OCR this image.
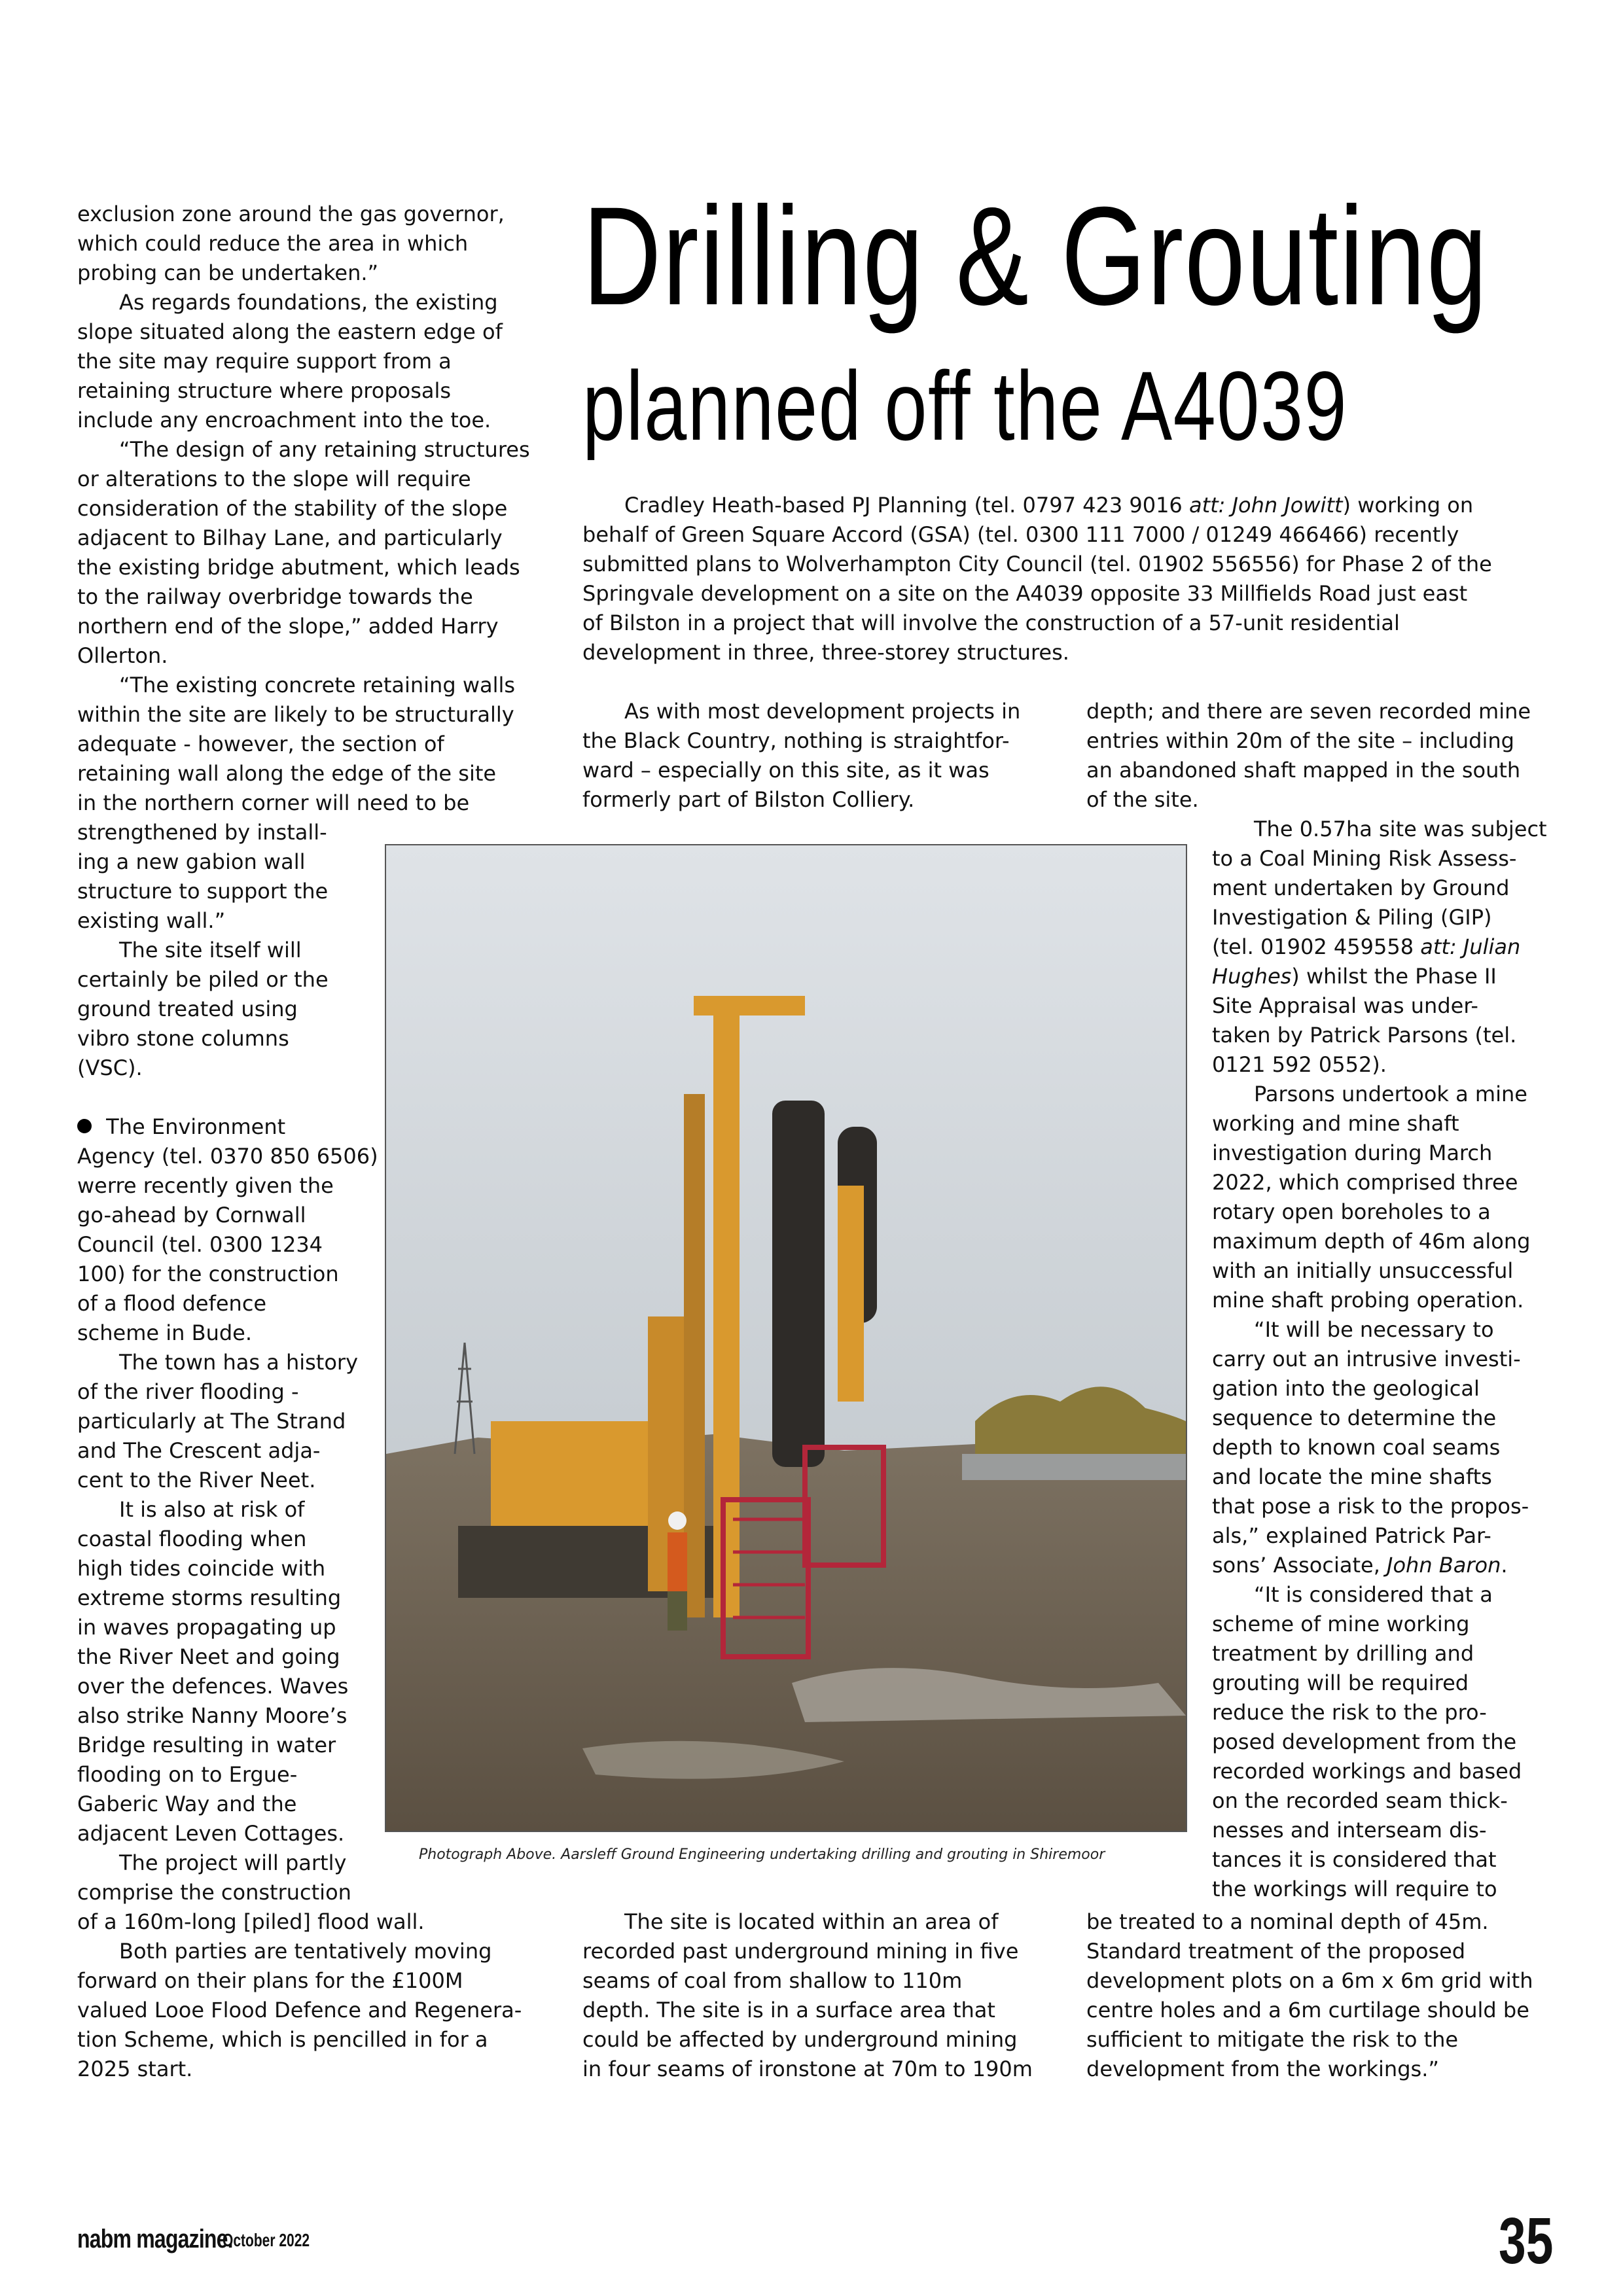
Drilling & Grouting
planned off the A4039
  Cradley Heath-based PJ Planning (tel. 0797 423 9016 att: John Jowitt) working on
behalf of Green Square Accord (GSA) (tel. 0300 111 7000 / 01249 466466) recently
submitted plans to Wolverhampton City Council (tel. 01902 556556) for Phase 2 of the
Springvale development on a site on the A4039 opposite 33 Millfields Road just east
of Bilston in a project that will involve the construction of a 57-unit residential
development in three, three-storey structures.
exclusion zone around the gas governor,
which could reduce the area in which
probing can be undertaken.”
  As regards foundations, the existing
slope situated along the eastern edge of
the site may require support from a
retaining structure where proposals
include any encroachment into the toe.
  “The design of any retaining structures
or alterations to the slope will require
consideration of the stability of the slope
adjacent to Bilhay Lane, and particularly
the existing bridge abutment, which leads
to the railway overbridge towards the
northern end of the slope,” added Harry
Ollerton.
  “The existing concrete retaining walls
within the site are likely to be structurally
adequate - however, the section of
retaining wall along the edge of the site
in the northern corner will need to be
strengthened by install-
ing a new gabion wall
structure to support the
existing wall.”
  The site itself will
certainly be piled or the
ground treated using
vibro stone columns
(VSC).
The Environment
Agency (tel. 0370 850 6506)
werre recently given the
go-ahead by Cornwall
Council (tel. 0300 1234
100) for the construction
of a flood defence
scheme in Bude.
  The town has a history
of the river flooding -
particularly at The Strand
and The Crescent adja-
cent to the River Neet.
  It is also at risk of
coastal flooding when
high tides coincide with
extreme storms resulting
in waves propagating up
the River Neet and going
over the defences. Waves
also strike Nanny Moore’s
Bridge resulting in water
flooding on to Ergue-
Gaberic Way and the
adjacent Leven Cottages.
  The project will partly
comprise the construction
of a 160m-long [piled] flood wall.
  Both parties are tentatively moving
forward on their plans for the £100M
valued Looe Flood Defence and Regenera-
tion Scheme, which is pencilled in for a
2025 start.
  As with most development projects in
the Black Country, nothing is straightfor-
ward – especially on this site, as it was
formerly part of Bilston Colliery.
  The site is located within an area of
recorded past underground mining in five
seams of coal from shallow to 110m
depth. The site is in a surface area that
could be affected by underground mining
in four seams of ironstone at 70m to 190m
depth; and there are seven recorded mine
entries within 20m of the site – including
an abandoned shaft mapped in the south
of the site.
  The 0.57ha site was subject
to a Coal Mining Risk Assess-
ment undertaken by Ground
Investigation & Piling (GIP)
(tel. 01902 459558 att: Julian
Hughes) whilst the Phase II
Site Appraisal was under-
taken by Patrick Parsons (tel.
0121 592 0552).
  Parsons undertook a mine
working and mine shaft
investigation during March
2022, which comprised three
rotary open boreholes to a
maximum depth of 46m along
with an initially unsuccessful
mine shaft probing operation.
  “It will be necessary to
carry out an intrusive investi-
gation into the geological
sequence to determine the
depth to known coal seams
and locate the mine shafts
that pose a risk to the propos-
als,” explained Patrick Par-
sons’ Associate, John Baron.
  “It is considered that a
scheme of mine working
treatment by drilling and
grouting will be required
reduce the risk to the pro-
posed development from the
recorded workings and based
on the recorded seam thick-
nesses and interseam dis-
tances it is considered that
the workings will require to
be treated to a nominal depth of 45m.
Standard treatment of the proposed
development plots on a 6m x 6m grid with
centre holes and a 6m curtilage should be
sufficient to mitigate the risk to the
development from the workings.”
Photograph Above. Aarsleff Ground Engineering undertaking drilling and grouting in Shiremoor
nabm magazine.
October 2022	35
